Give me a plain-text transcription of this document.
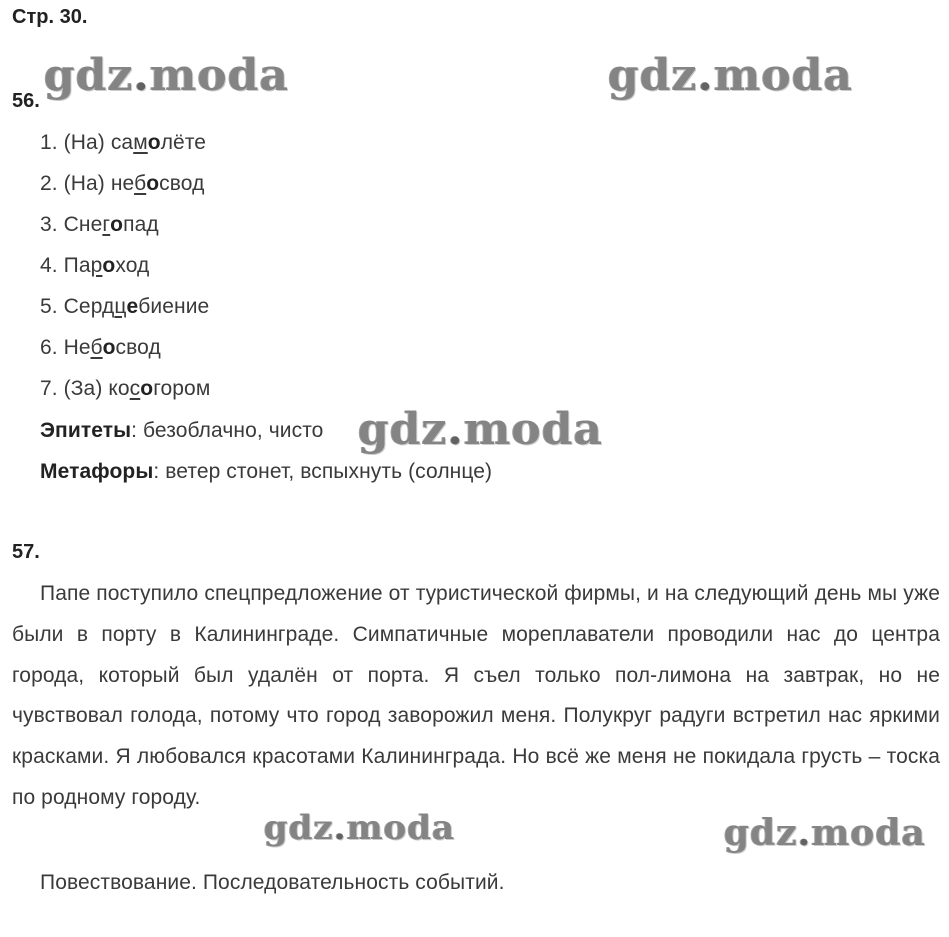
Стр. 30.
gdz.moda	gdz.moda
56.
1. (На) самолёте
2. (На) небосвод
3. Снегопад
4. Пароход
5. Сердцебиение
6. Небосвод
7. (За) косогором
Эпитеты: безоблачно, чисто gdz.moda
Метафоры: ветер стонет, вспыхнуть (солнце)
57.
Папе поступило спецпредложение от туристической фирмы, и на следующий день мы уже были в порту в Калининграде. Симпатичные мореплаватели проводили нас до центра города, который был удалён от порта. Я съел только пол-лимона на завтрак, но не чувствовал голода, потому что город заворожил меня. Полукруг радуги встретил нас яркими красками. Я любовался красотами Калининграда. Но всё же меня не покидала грусть – тоска по родному городу.
gdz.moda	gdz.moda
Повествование. Последовательность событий.
